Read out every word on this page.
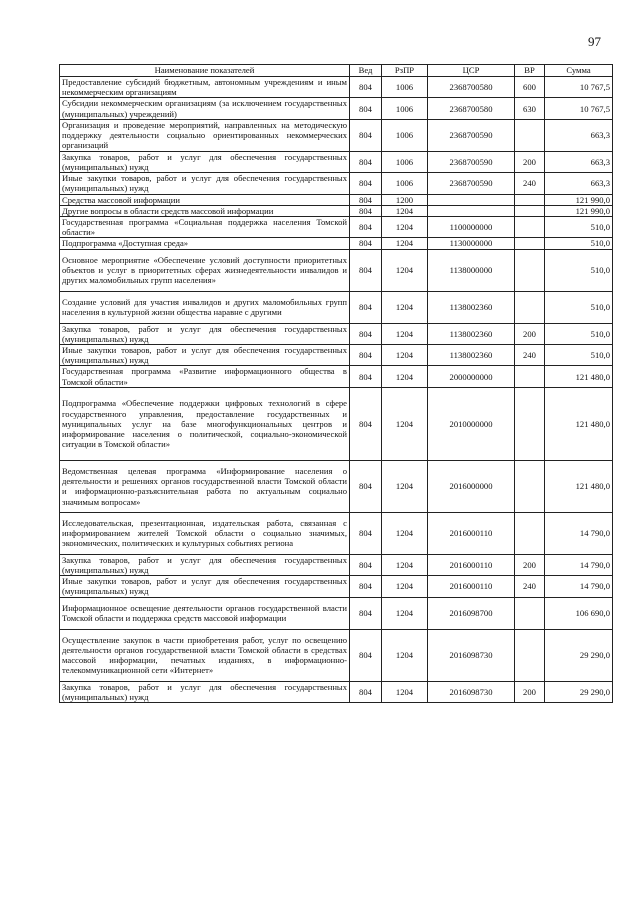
97
Наименование показателей	Вед	РзПР	ЦСР	ВР	Сумма
Предоставление субсидий бюджетным, автономным учреждениям и иным некоммерческим организациям	804	1006	2368700580	600	10 767,5
Субсидии некоммерческим организациям (за исключением государственных (муниципальных) учреждений)	804	1006	2368700580	630	10 767,5
Организация и проведение мероприятий, направленных на методическую поддержку деятельности социально ориентированных некоммерческих организаций	804	1006	2368700590		663,3
Закупка товаров, работ и услуг для обеспечения государственных (муниципальных) нужд	804	1006	2368700590	200	663,3
Иные закупки товаров, работ и услуг для обеспечения государственных (муниципальных) нужд	804	1006	2368700590	240	663,3
Средства массовой информации	804	1200			121 990,0
Другие вопросы в области средств массовой информации	804	1204			121 990,0
Государственная программа «Социальная поддержка населения Томской области»	804	1204	1100000000		510,0
Подпрограмма «Доступная среда»	804	1204	1130000000		510,0
Основное мероприятие «Обеспечение условий доступности приоритетных объектов и услуг в приоритетных сферах жизнедеятельности инвалидов и других маломобильных групп населения»	804	1204	1138000000		510,0
Создание условий для участия инвалидов и других маломобильных групп населения в культурной жизни общества наравне с другими	804	1204	1138002360		510,0
Закупка товаров, работ и услуг для обеспечения государственных (муниципальных) нужд	804	1204	1138002360	200	510,0
Иные закупки товаров, работ и услуг для обеспечения государственных (муниципальных) нужд	804	1204	1138002360	240	510,0
Государственная программа «Развитие информационного общества в Томской области»	804	1204	2000000000		121 480,0
Подпрограмма «Обеспечение поддержки цифровых технологий в сфере государственного управления, предоставление государственных и муниципальных услуг на базе многофункциональных центров и информирование населения о политической, социально-экономической ситуации в Томской области»	804	1204	2010000000		121 480,0
Ведомственная целевая программа «Информирование населения о деятельности и решениях органов государственной власти Томской области и информационно-разъяснительная работа по актуальным социально значимым вопросам»	804	1204	2016000000		121 480,0
Исследовательская, презентационная, издательская работа, связанная с информированием жителей Томской области о социально значимых, экономических, политических и культурных событиях региона	804	1204	2016000110		14 790,0
Закупка товаров, работ и услуг для обеспечения государственных (муниципальных) нужд	804	1204	2016000110	200	14 790,0
Иные закупки товаров, работ и услуг для обеспечения государственных (муниципальных) нужд	804	1204	2016000110	240	14 790,0
Информационное освещение деятельности органов государственной власти Томской области и поддержка средств массовой информации	804	1204	2016098700		106 690,0
Осуществление закупок в части приобретения работ, услуг по освещению деятельности органов государственной власти Томской области в средствах массовой информации, печатных изданиях, в информационно-телекоммуникационной сети «Интернет»	804	1204	2016098730		29 290,0
Закупка товаров, работ и услуг для обеспечения государственных (муниципальных) нужд	804	1204	2016098730	200	29 290,0
